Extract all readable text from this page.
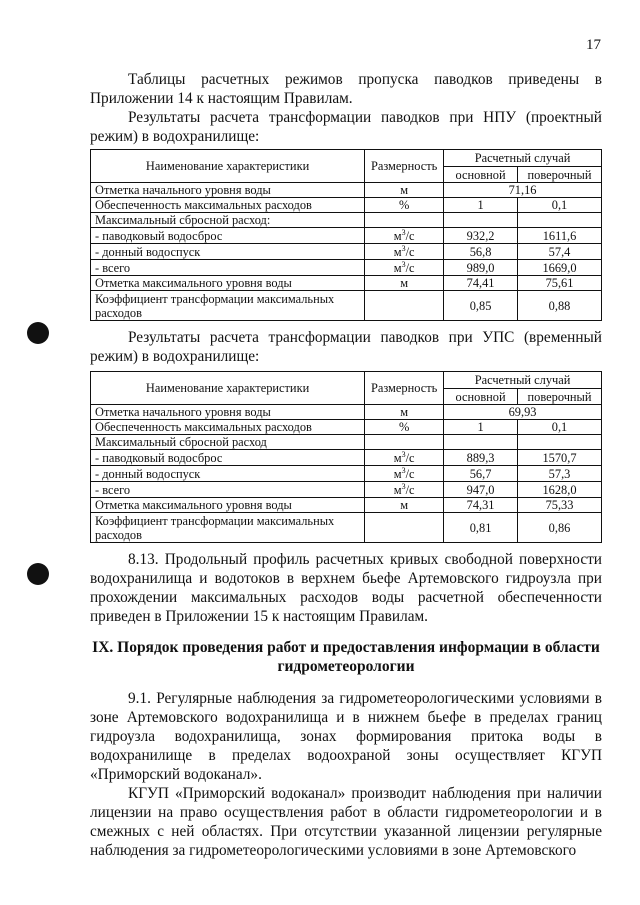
17

Таблицы расчетных режимов пропуска паводков приведены в Приложении 14 к настоящим Правилам.

Результаты расчета трансформации паводков при НПУ (проектный режим) в водохранилище:

Наименование характеристики	Размерность	Расчетный случай	
		основной	поверочный
Отметка начального уровня воды	м	71,16	
Обеспеченность максимальных расходов	%	1	0,1
Максимальный сбросной расход:			
- паводковый водосброс	$м^3/с$	932,2	1611,6
- донный водоспуск	$м^3/с$	56,8	57,4
- всего	$м^3/с$	989,0	1669,0
Отметка максимального уровня воды	м	74,41	75,61
Коэффициент трансформации максимальных расходов		0,85	0,88

Результаты расчета трансформации паводков при УПС (временный режим) в водохранилище:

Наименование характеристики	Размерность	Расчетный случай	
		основной	поверочный
Отметка начального уровня воды	м	69,93	
Обеспеченность максимальных расходов	%	1	0,1
Максимальный сбросной расход			
- паводковый водосброс	$м^3/с$	889,3	1570,7
- донный водоспуск	$м^3/с$	56,7	57,3
- всего	$м^3/с$	947,0	1628,0
Отметка максимального уровня воды	м	74,31	75,33
Коэффициент трансформации максимальных расходов		0,81	0,86

8.13. Продольный профиль расчетных кривых свободной поверхности водохранилища и водотоков в верхнем бьефе Артемовского гидроузла при прохождении максимальных расходов воды расчетной обеспеченности приведен в Приложении 15 к настоящим Правилам.

IX. Порядок проведения работ и предоставления информации в области гидрометеорологии

9.1. Регулярные наблюдения за гидрометеорологическими условиями в зоне Артемовского водохранилища и в нижнем бьефе в пределах границ гидроузла водохранилища, зонах формирования притока воды в водохранилище в пределах водоохраной зоны осуществляет КГУП «Приморский водоканал».

КГУП «Приморский водоканал» производит наблюдения при наличии лицензии на право осуществления работ в области гидрометеорологии и в смежных с ней областях. При отсутствии указанной лицензии регулярные наблюдения за гидрометеорологическими условиями в зоне Артемовского
